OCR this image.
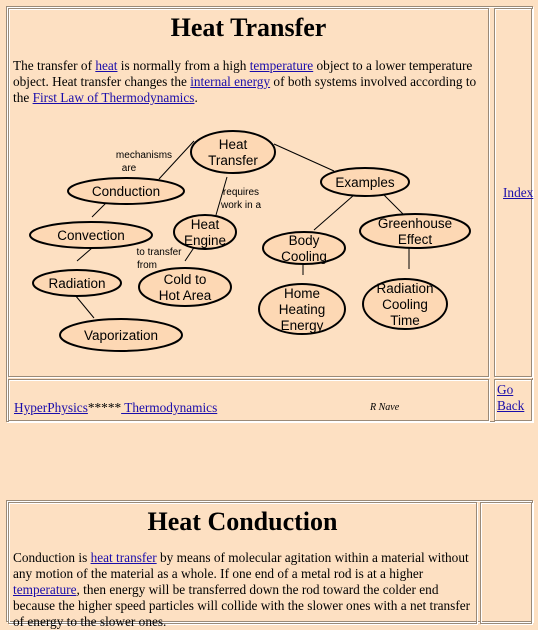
Heat Transfer

The transfer of heat is normally from a high temperature object to a lower temperature object. Heat transfer changes the internal energy of both systems involved according to the First Law of Thermodynamics.

Heat
Transfer
Conduction
Convection
Radiation
Vaporization
Heat
Engine
Cold to
Hot Area
Examples
Body
Cooling
Greenhouse
Effect
Home
Heating
Energy
Radiation
Cooling
Time
mechanisms
are
requires
work in a
to transfer
from
Index
HyperPhysics***** Thermodynamics	R Nave
Go
Back
Heat Conduction

Conduction is heat transfer by means of molecular agitation within a material without any motion of the material as a whole. If one end of a metal rod is at a higher temperature, then energy will be transferred down the rod toward the colder end because the higher speed particles will collide with the slower ones with a net transfer of energy to the slower ones.
